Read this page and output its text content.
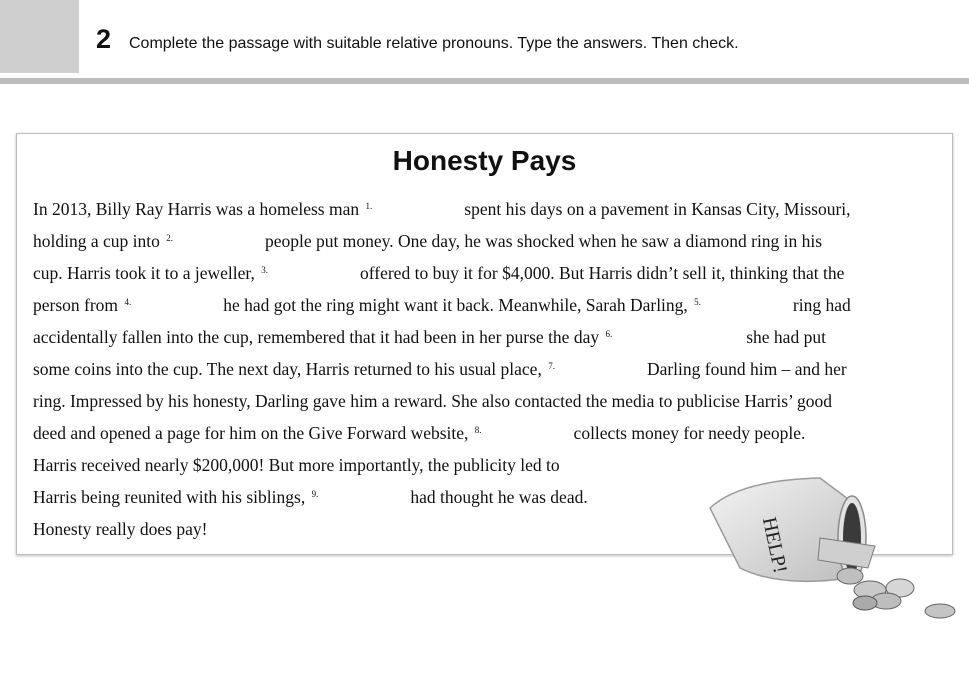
2 Complete the passage with suitable relative pronouns. Type the answers. Then check.
Honesty Pays
In 2013, Billy Ray Harris was a homeless man $^{1.}$	spent his days on a pavement in Kansas City, Missouri,
holding a cup into $^{2.}$	people put money. One day, he was shocked when he saw a diamond ring in his
cup. Harris took it to a jeweller, $^{3.}$	offered to buy it for $4,000. But Harris didn’t sell it, thinking that the
person from $^{4.}$	he had got the ring might want it back. Meanwhile, Sarah Darling, $^{5.}$	ring had
accidentally fallen into the cup, remembered that it had been in her purse the day $^{6.}$	she had put
some coins into the cup. The next day, Harris returned to his usual place, $^{7.}$	Darling found him – and her
ring. Impressed by his honesty, Darling gave him a reward. She also contacted the media to publicise Harris’ good
deed and opened a page for him on the Give Forward website, $^{8.}$	collects money for needy people.
Harris received nearly $200,000! But more importantly, the publicity led to
Harris being reunited with his siblings, $^{9.}$	had thought he was dead.
Honesty really does pay!	HELP!
